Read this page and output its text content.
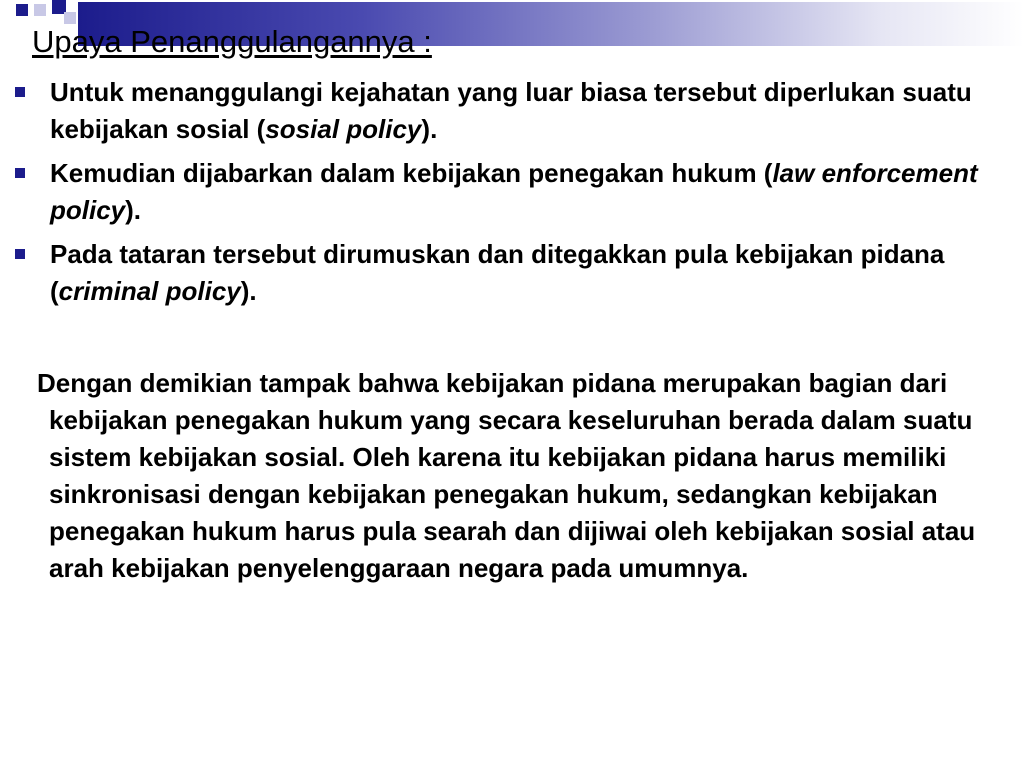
Upaya Penanggulangannya :
Untuk menanggulangi kejahatan yang luar biasa tersebut diperlukan suatu kebijakan sosial (sosial policy).
Kemudian dijabarkan dalam kebijakan penegakan hukum (law enforcement policy).
Pada tataran tersebut dirumuskan dan ditegakkan pula kebijakan pidana (criminal policy).

Dengan demikian tampak bahwa kebijakan pidana merupakan bagian dari kebijakan penegakan hukum yang secara keseluruhan berada dalam suatu sistem kebijakan sosial. Oleh karena itu kebijakan pidana harus memiliki sinkronisasi dengan kebijakan penegakan hukum, sedangkan kebijakan penegakan hukum harus pula searah dan dijiwai oleh kebijakan sosial atau arah kebijakan penyelenggaraan negara pada umumnya.
